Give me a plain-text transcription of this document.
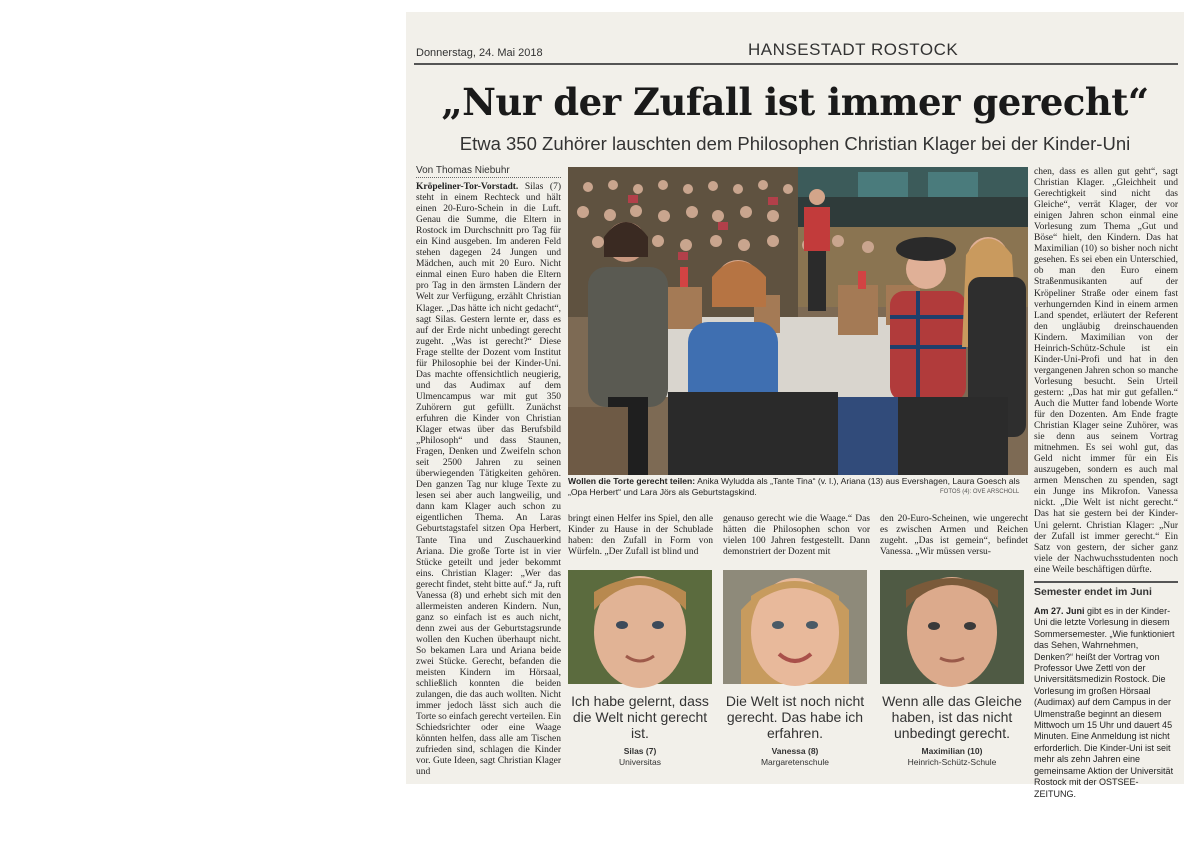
Donnerstag, 24. Mai 2018	HANSESTADT ROSTOCK
„Nur der Zufall ist immer gerecht“
Etwa 350 Zuhörer lauschten dem Philosophen Christian Klager bei der Kinder-Uni
Von Thomas Niebuhr
Kröpeliner-Tor-Vorstadt. Silas (7) steht in einem Rechteck und hält einen 20-Euro-Schein in die Luft. Genau die Summe, die Eltern in Rostock im Durchschnitt pro Tag für ein Kind ausgeben. Im anderen Feld stehen dagegen 24 Jungen und Mädchen, auch mit 20 Euro. Nicht einmal einen Euro haben die Eltern pro Tag in den ärmsten Ländern der Welt zur Verfügung, erzählt Christian Klager. „Das hätte ich nicht gedacht“, sagt Silas. Gestern lernte er, dass es auf der Erde nicht unbedingt gerecht zugeht. „Was ist gerecht?“ Diese Frage stellte der Dozent vom Institut für Philosophie bei der Kinder-Uni. Das machte offensichtlich neugierig, und das Audimax auf dem Ulmencampus war mit gut 350 Zuhörern gut gefüllt. Zunächst erfuhren die Kinder von Christian Klager etwas über das Berufsbild „Philosoph“ und dass Staunen, Fragen, Denken und Zweifeln schon seit 2500 Jahren zu seinen überwiegenden Tätigkeiten gehören. Den ganzen Tag nur kluge Texte zu lesen sei aber auch langweilig, und dann kam Klager auch schon zu eigentlichen Thema. An Laras Geburtstagstafel sitzen Opa Herbert, Tante Tina und Zuschauerkind Ariana. Die große Torte ist in vier Stücke geteilt und jeder bekommt eins. Christian Klager: „Wer das gerecht findet, steht bitte auf.“ Ja, ruft Vanessa (8) und erhebt sich mit den allermeisten anderen Kindern. Nun, ganz so einfach ist es auch nicht, denn zwei aus der Geburtstagsrunde wollen den Kuchen überhaupt nicht. So bekamen Lara und Ariana beide zwei Stücke. Gerecht, befanden die meisten Kindern im Hörsaal, schließlich konnten die beiden zulangen, die das auch wollten. Nicht immer jedoch lässt sich auch die Torte so einfach gerecht verteilen. Ein Schiedsrichter oder eine Waage könnten helfen, dass alle am Tischen zufrieden sind, schlagen die Kinder vor. Gute Ideen, sagt Christian Klager und
Wollen die Torte gerecht teilen: Anika Wyludda als „Tante Tina“ (v. l.), Ariana (13) aus Evershagen, Laura Goesch als „Opa Herbert“ und Lara Jörs als Geburtstagskind.	FOTOS (4): OVE ARSCHOLL
bringt einen Helfer ins Spiel, den alle Kinder zu Hause in der Schublade haben: den Zufall in Form von Würfeln. „Der Zufall ist blind und
genauso gerecht wie die Waage.“ Das hätten die Philosophen schon vor vielen 100 Jahren festgestellt. Dann demonstriert der Dozent mit
den 20-Euro-Scheinen, wie ungerecht es zwischen Armen und Reichen zugeht. „Das ist gemein“, befindet Vanessa. „Wir müssen versu-
Ich habe gelernt, dass die Welt nicht gerecht ist.
Silas (7)
Universitas
Die Welt ist noch nicht gerecht. Das habe ich erfahren.
Vanessa (8)
Margaretenschule
Wenn alle das Gleiche haben, ist das nicht unbedingt gerecht.
Maximilian (10)
Heinrich-Schütz-Schule
chen, dass es allen gut geht“, sagt Christian Klager. „Gleichheit und Gerechtigkeit sind nicht das Gleiche“, verrät Klager, der vor einigen Jahren schon einmal eine Vorlesung zum Thema „Gut und Böse“ hielt, den Kindern. Das hat Maximilian (10) so bisher noch nicht gesehen. Es sei eben ein Unterschied, ob man den Euro einem Straßenmusikanten auf der Kröpeliner Straße oder einem fast verhungernden Kind in einem armen Land spendet, erläutert der Referent den ungläubig dreinschauenden Kindern. Maximilian von der Heinrich-Schütz-Schule ist ein Kinder-Uni-Profi und hat in den vergangenen Jahren schon so manche Vorlesung besucht. Sein Urteil gestern: „Das hat mir gut gefallen.“ Auch die Mutter fand lobende Worte für den Dozenten. Am Ende fragte Christian Klager seine Zuhörer, was sie denn aus seinem Vortrag mitnehmen. Es sei wohl gut, das Geld nicht immer für ein Eis auszugeben, sondern es auch mal armen Menschen zu spenden, sagt ein Junge ins Mikrofon. Vanessa nickt. „Die Welt ist nicht gerecht.“ Das hat sie gestern bei der Kinder-Uni gelernt. Christian Klager: „Nur der Zufall ist immer gerecht.“ Ein Satz von gestern, der sicher ganz viele der Nachwuchsstudenten noch eine Weile beschäftigen dürfte.
Semester endet im Juni
Am 27. Juni gibt es in der Kinder-Uni die letzte Vorlesung in diesem Sommersemester. „Wie funktioniert das Sehen, Wahrnehmen, Denken?“ heißt der Vortrag von Professor Uwe Zettl von der Universitätsmedizin Rostock. Die Vorlesung im großen Hörsaal (Audimax) auf dem Campus in der Ulmenstraße beginnt an diesem Mittwoch um 15 Uhr und dauert 45 Minuten. Eine Anmeldung ist nicht erforderlich. Die Kinder-Uni ist seit mehr als zehn Jahren eine gemeinsame Aktion der Universität Rostock mit der OSTSEE-ZEITUNG.
